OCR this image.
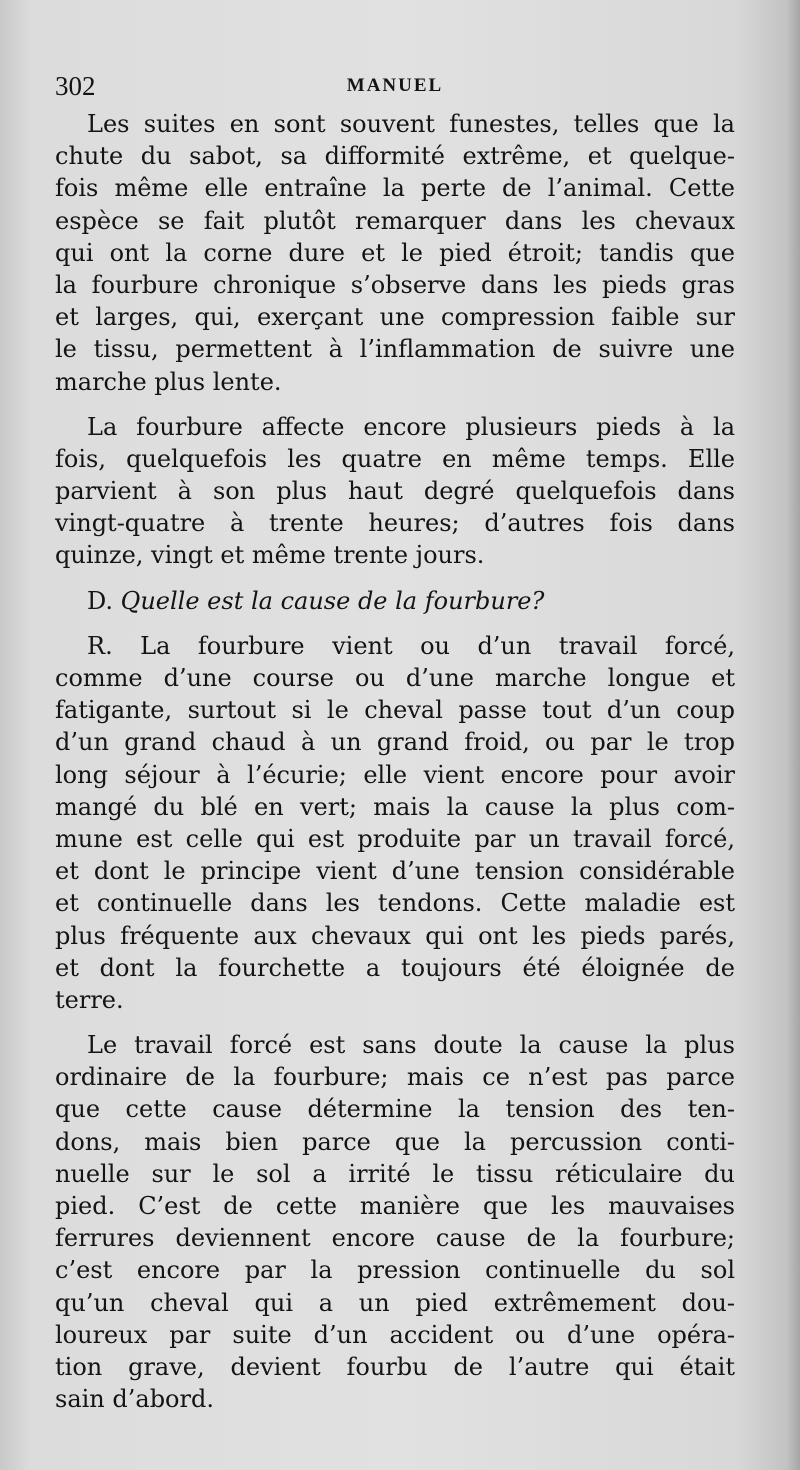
302	MANUEL
Les suites en sont souvent funestes, telles que la
chute du sabot, sa difformité extrême, et quelque-
fois même elle entraîne la perte de l’animal. Cette
espèce se fait plutôt remarquer dans les chevaux
qui ont la corne dure et le pied étroit; tandis que
la fourbure chronique s’observe dans les pieds gras
et larges, qui, exerçant une compression faible sur
le tissu, permettent à l’inflammation de suivre une
marche plus lente.
La fourbure affecte encore plusieurs pieds à la
fois, quelquefois les quatre en même temps. Elle
parvient à son plus haut degré quelquefois dans
vingt-quatre à trente heures; d’autres fois dans
quinze, vingt et même trente jours.
D. Quelle est la cause de la fourbure?
R. La fourbure vient ou d’un travail forcé,
comme d’une course ou d’une marche longue et
fatigante, surtout si le cheval passe tout d’un coup
d’un grand chaud à un grand froid, ou par le trop
long séjour à l’écurie; elle vient encore pour avoir
mangé du blé en vert; mais la cause la plus com-
mune est celle qui est produite par un travail forcé,
et dont le principe vient d’une tension considérable
et continuelle dans les tendons. Cette maladie est
plus fréquente aux chevaux qui ont les pieds parés,
et dont la fourchette a toujours été éloignée de
terre.
Le travail forcé est sans doute la cause la plus
ordinaire de la fourbure; mais ce n’est pas parce
que cette cause détermine la tension des ten-
dons, mais bien parce que la percussion conti-
nuelle sur le sol a irrité le tissu réticulaire du
pied. C’est de cette manière que les mauvaises
ferrures deviennent encore cause de la fourbure;
c’est encore par la pression continuelle du sol
qu’un cheval qui a un pied extrêmement dou-
loureux par suite d’un accident ou d’une opéra-
tion grave, devient fourbu de l’autre qui était
sain d’abord.
